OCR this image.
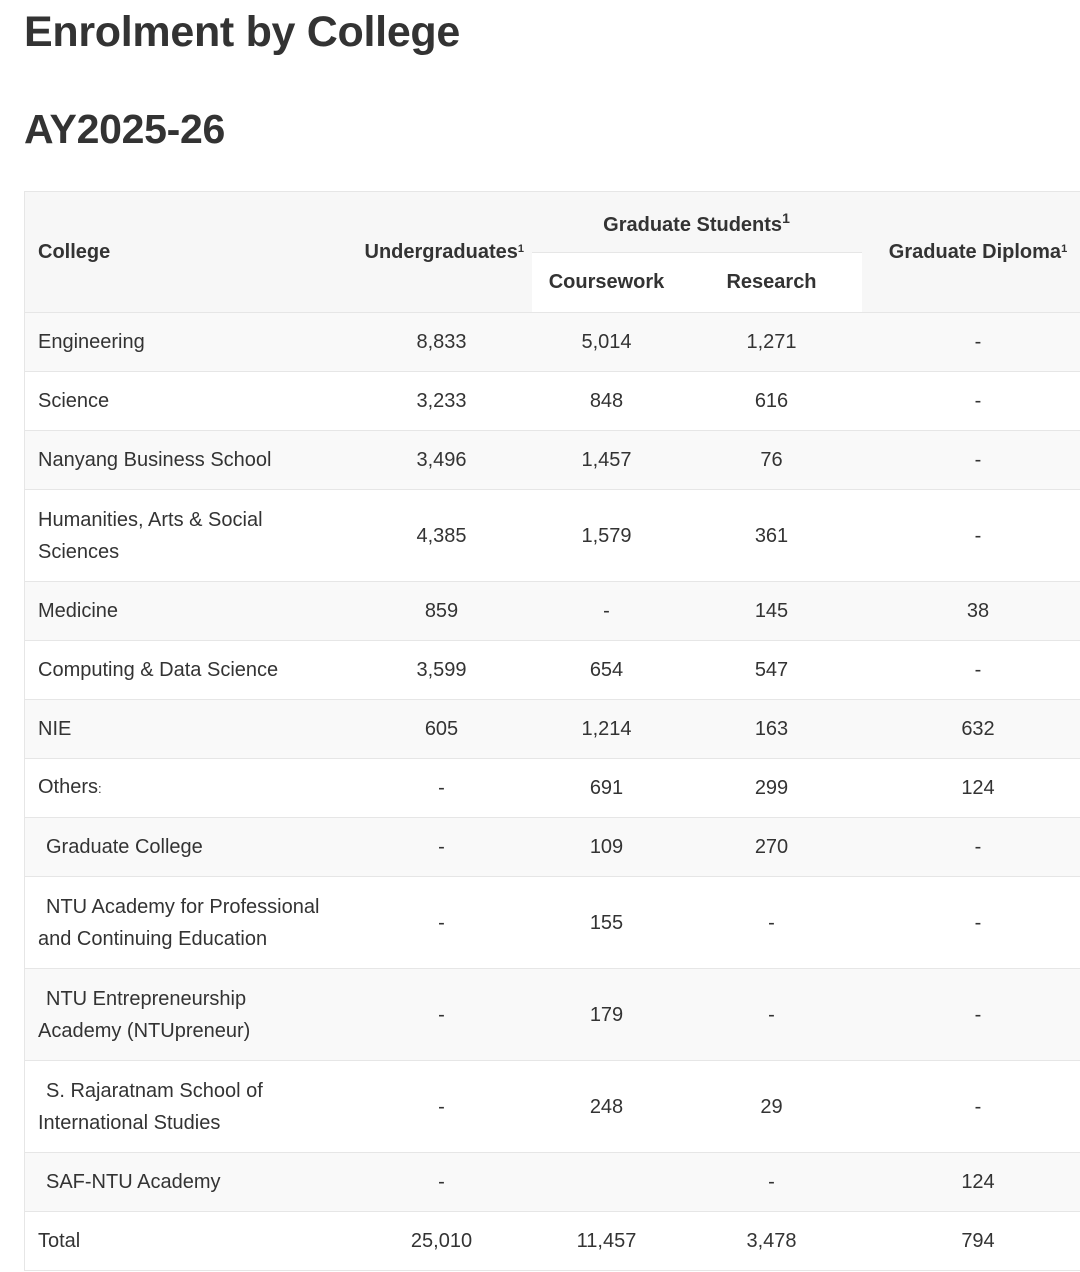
Enrolment by College
AY2025-26
College	Undergraduates$^1$	Graduate Students$^1$		Graduate Diploma$^1$
		Coursework	Research	
Engineering	8,833	5,014	1,271	-
Science	3,233	848	616	-
Nanyang Business School	3,496	1,457	76	-
Humanities, Arts & Social Sciences	4,385	1,579	361	-
Medicine	859	-	145	38
Computing & Data Science	3,599	654	547	-
NIE	605	1,214	163	632
Others:	-	691	299	124
Graduate College	-	109	270	-
NTU Academy for Professional and Continuing Education	-	155	-	-
NTU Entrepreneurship Academy (NTUpreneur)	-	179	-	-
S. Rajaratnam School of International Studies	-	248	29	-
SAF-NTU Academy	-		-	124
Total	25,010	11,457	3,478	794
